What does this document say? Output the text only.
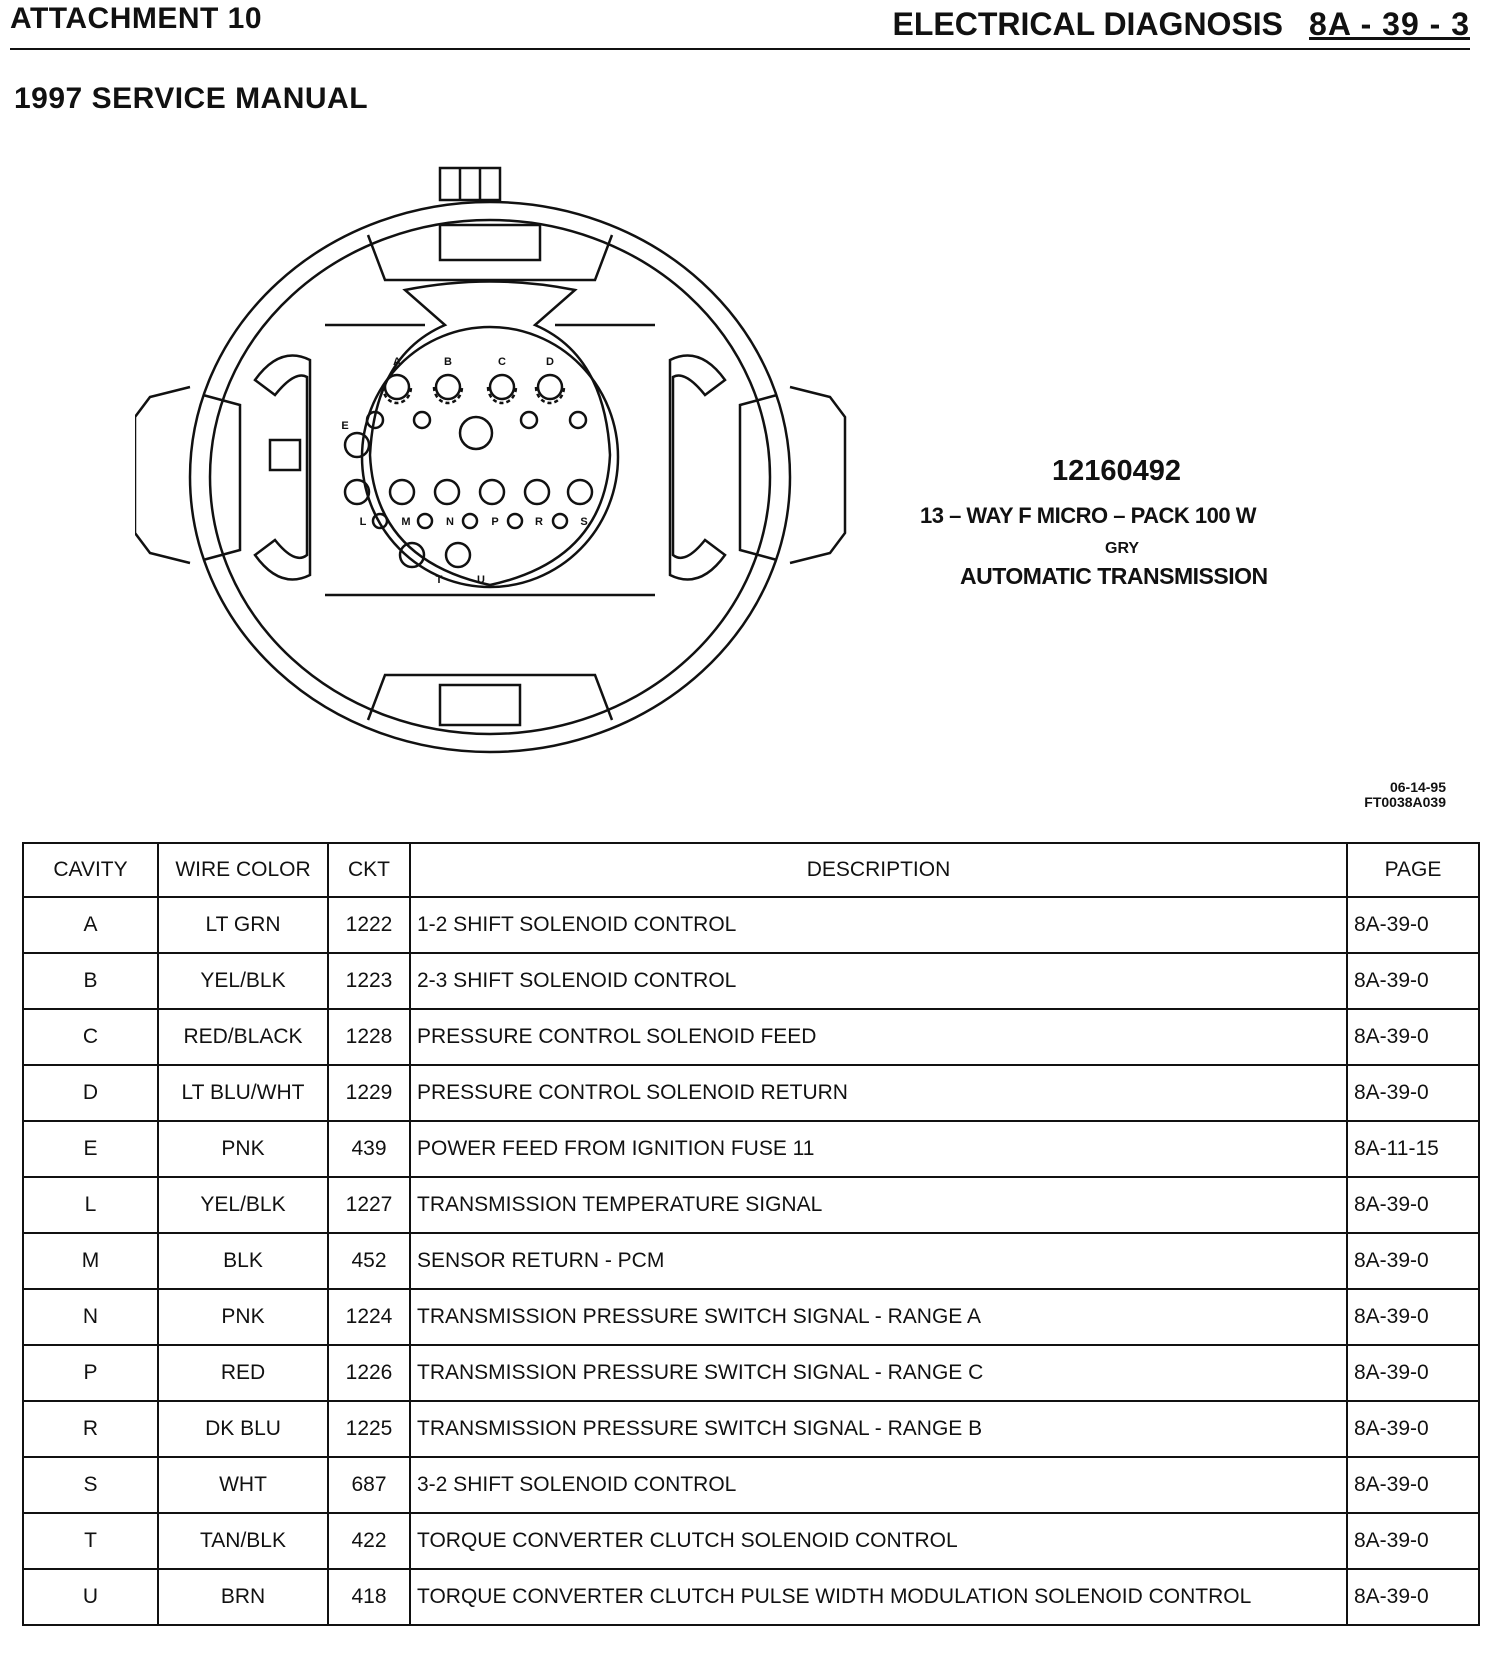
ATTACHMENT 10	ELECTRICAL DIAGNOSIS 8A - 39 - 3
1997 SERVICE MANUAL
A	B	C	D
E
L	M	N	P	R	S
T	U
12160492
13 – WAY F MICRO – PACK 100 W
GRY
AUTOMATIC TRANSMISSION
06-14-95
FT0038A039
CAVITY	WIRE COLOR	CKT	DESCRIPTION	PAGE
A	LT GRN	1222	1-2 SHIFT SOLENOID CONTROL	8A-39-0
B	YEL/BLK	1223	2-3 SHIFT SOLENOID CONTROL	8A-39-0
C	RED/BLACK	1228	PRESSURE CONTROL SOLENOID FEED	8A-39-0
D	LT BLU/WHT	1229	PRESSURE CONTROL SOLENOID RETURN	8A-39-0
E	PNK	439	POWER FEED FROM IGNITION FUSE 11	8A-11-15
L	YEL/BLK	1227	TRANSMISSION TEMPERATURE SIGNAL	8A-39-0
M	BLK	452	SENSOR RETURN - PCM	8A-39-0
N	PNK	1224	TRANSMISSION PRESSURE SWITCH SIGNAL - RANGE A	8A-39-0
P	RED	1226	TRANSMISSION PRESSURE SWITCH SIGNAL - RANGE C	8A-39-0
R	DK BLU	1225	TRANSMISSION PRESSURE SWITCH SIGNAL - RANGE B	8A-39-0
S	WHT	687	3-2 SHIFT SOLENOID CONTROL	8A-39-0
T	TAN/BLK	422	TORQUE CONVERTER CLUTCH SOLENOID CONTROL	8A-39-0
U	BRN	418	TORQUE CONVERTER CLUTCH PULSE WIDTH MODULATION SOLENOID CONTROL	8A-39-0
